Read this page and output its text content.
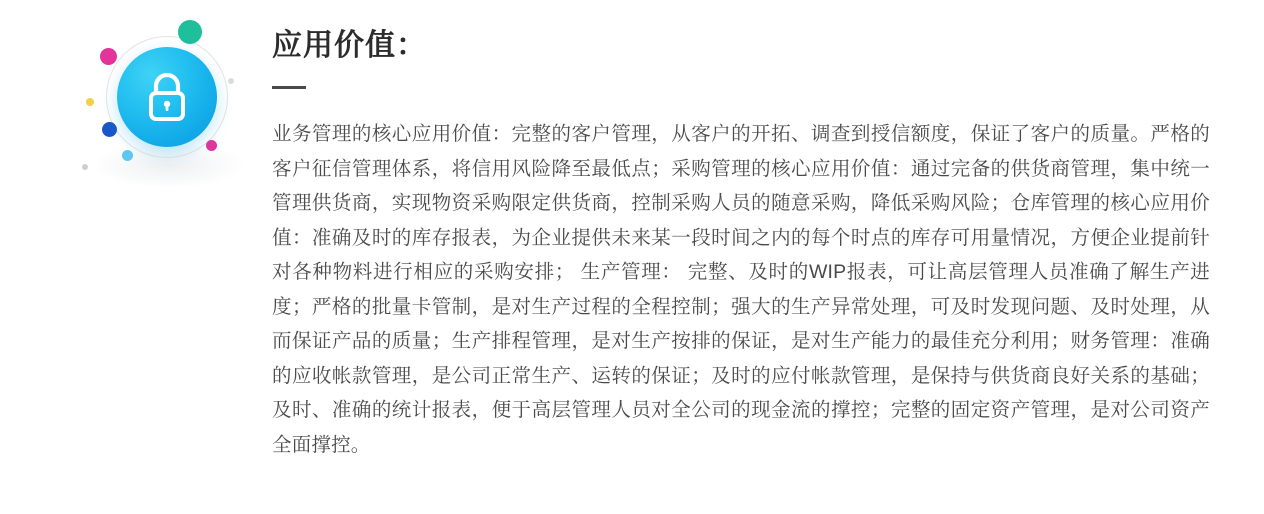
应用价值：

业务管理的核心应用价值：完整的客户管理，从客户的开拓、调查到授信额度，保证了客户的质量。严格的客户征信管理体系，将信用风险降至最低点；采购管理的核心应用价值：通过完备的供货商管理，集中统一管理供货商，实现物资采购限定供货商，控制采购人员的随意采购，降低采购风险；仓库管理的核心应用价值：准确及时的库存报表，为企业提供未来某一段时间之内的每个时点的库存可用量情况，方便企业提前针对各种物料进行相应的采购安排； 生产管理： 完整、及时的WIP报表，可让高层管理人员准确了解生产进度；严格的批量卡管制，是对生产过程的全程控制；强大的生产异常处理，可及时发现问题、及时处理，从而保证产品的质量；生产排程管理，是对生产按排的保证，是对生产能力的最佳充分利用；财务管理：准确的应收帐款管理，是公司正常生产、运转的保证；及时的应付帐款管理，是保持与供货商良好关系的基础；及时、准确的统计报表，便于高层管理人员对全公司的现金流的撑控；完整的固定资产管理，是对公司资产全面撑控。
